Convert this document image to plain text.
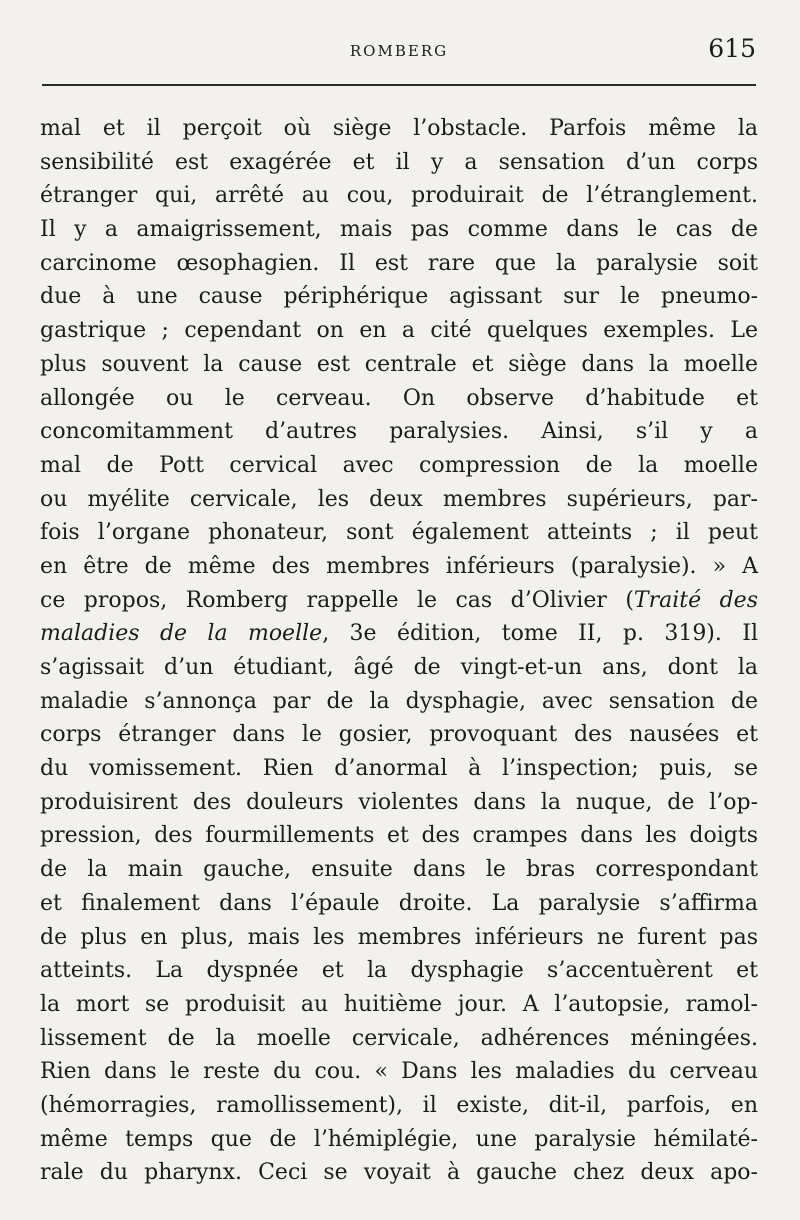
ROMBERG	615
mal et il perçoit où siège l’obstacle. Parfois même la
sensibilité est exagérée et il y a sensation d’un corps
étranger qui, arrêté au cou, produirait de l’étranglement.
Il y a amaigrissement, mais pas comme dans le cas de
carcinome œsophagien. Il est rare que la paralysie soit
due à une cause périphérique agissant sur le pneumo-
gastrique ; cependant on en a cité quelques exemples. Le
plus souvent la cause est centrale et siège dans la moelle
allongée ou le cerveau. On observe d’habitude et
concomitamment d’autres paralysies. Ainsi, s’il y a
mal de Pott cervical avec compression de la moelle
ou myélite cervicale, les deux membres supérieurs, par-
fois l’organe phonateur, sont également atteints ; il peut
en être de même des membres inférieurs (paralysie). » A
ce propos, Romberg rappelle le cas d’Olivier (Traité des
maladies de la moelle, 3e édition, tome II, p. 319). Il
s’agissait d’un étudiant, âgé de vingt-et-un ans, dont la
maladie s’annonça par de la dysphagie, avec sensation de
corps étranger dans le gosier, provoquant des nausées et
du vomissement. Rien d’anormal à l’inspection; puis, se
produisirent des douleurs violentes dans la nuque, de l’op-
pression, des fourmillements et des crampes dans les doigts
de la main gauche, ensuite dans le bras correspondant
et finalement dans l’épaule droite. La paralysie s’affirma
de plus en plus, mais les membres inférieurs ne furent pas
atteints. La dyspnée et la dysphagie s’accentuèrent et
la mort se produisit au huitième jour. A l’autopsie, ramol-
lissement de la moelle cervicale, adhérences méningées.
Rien dans le reste du cou. « Dans les maladies du cerveau
(hémorragies, ramollissement), il existe, dit-il, parfois, en
même temps que de l’hémiplégie, une paralysie hémilaté-
rale du pharynx. Ceci se voyait à gauche chez deux apo-
